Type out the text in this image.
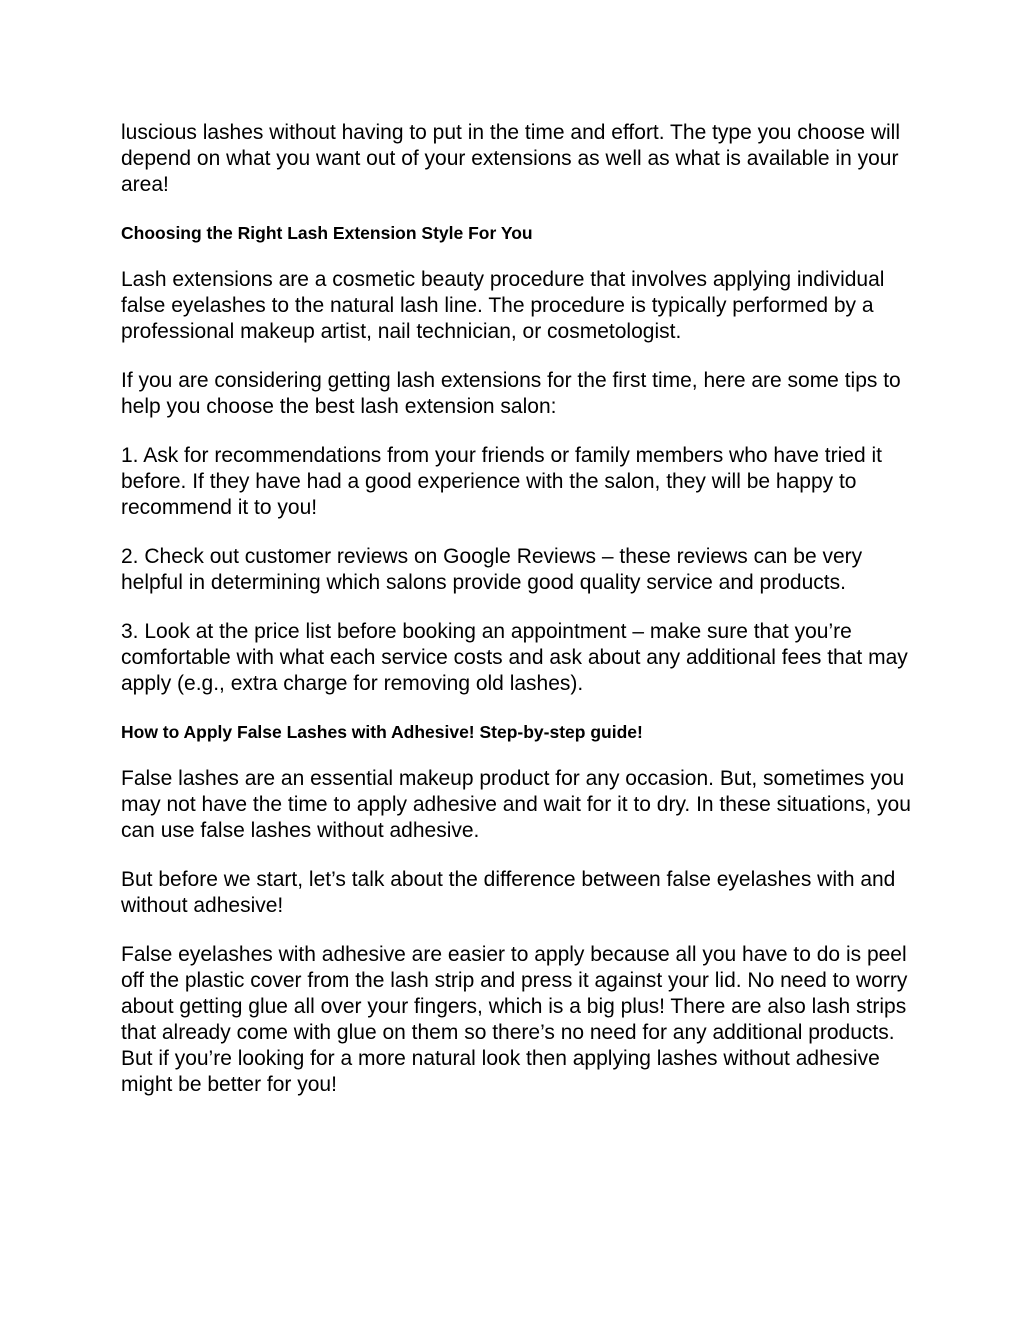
luscious lashes without having to put in the time and effort. The type you choose will depend on what you want out of your extensions as well as what is available in your area!

Choosing the Right Lash Extension Style For You

Lash extensions are a cosmetic beauty procedure that involves applying individual false eyelashes to the natural lash line. The procedure is typically performed by a professional makeup artist, nail technician, or cosmetologist.

If you are considering getting lash extensions for the first time, here are some tips to help you choose the best lash extension salon:

1. Ask for recommendations from your friends or family members who have tried it before. If they have had a good experience with the salon, they will be happy to recommend it to you!

2. Check out customer reviews on Google Reviews – these reviews can be very helpful in determining which salons provide good quality service and products.

3. Look at the price list before booking an appointment – make sure that you’re comfortable with what each service costs and ask about any additional fees that may apply (e.g., extra charge for removing old lashes).

How to Apply False Lashes with Adhesive! Step-by-step guide!

False lashes are an essential makeup product for any occasion. But, sometimes you may not have the time to apply adhesive and wait for it to dry. In these situations, you can use false lashes without adhesive.

But before we start, let’s talk about the difference between false eyelashes with and without adhesive!

False eyelashes with adhesive are easier to apply because all you have to do is peel off the plastic cover from the lash strip and press it against your lid. No need to worry about getting glue all over your fingers, which is a big plus! There are also lash strips that already come with glue on them so there’s no need for any additional products. But if you’re looking for a more natural look then applying lashes without adhesive might be better for you!
